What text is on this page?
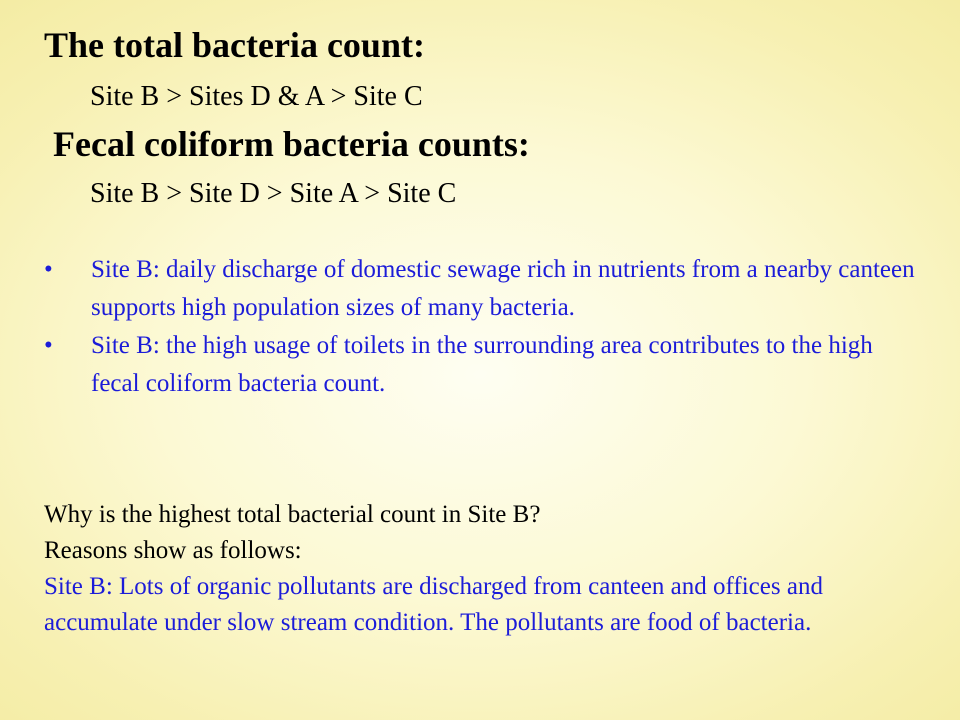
The total bacteria count:

Site B > Sites D & A > Site C

Fecal coliform bacteria counts:

Site B > Site D > Site A > Site C

• Site B: daily discharge of domestic sewage rich in nutrients from a nearby canteen supports high population sizes of many bacteria.
• Site B: the high usage of toilets in the surrounding area contributes to the high fecal coliform bacteria count.
Why is the highest total bacterial count in Site B?
Reasons show as follows:
Site B: Lots of organic pollutants are discharged from canteen and offices and accumulate under slow stream condition. The pollutants are food of bacteria.
